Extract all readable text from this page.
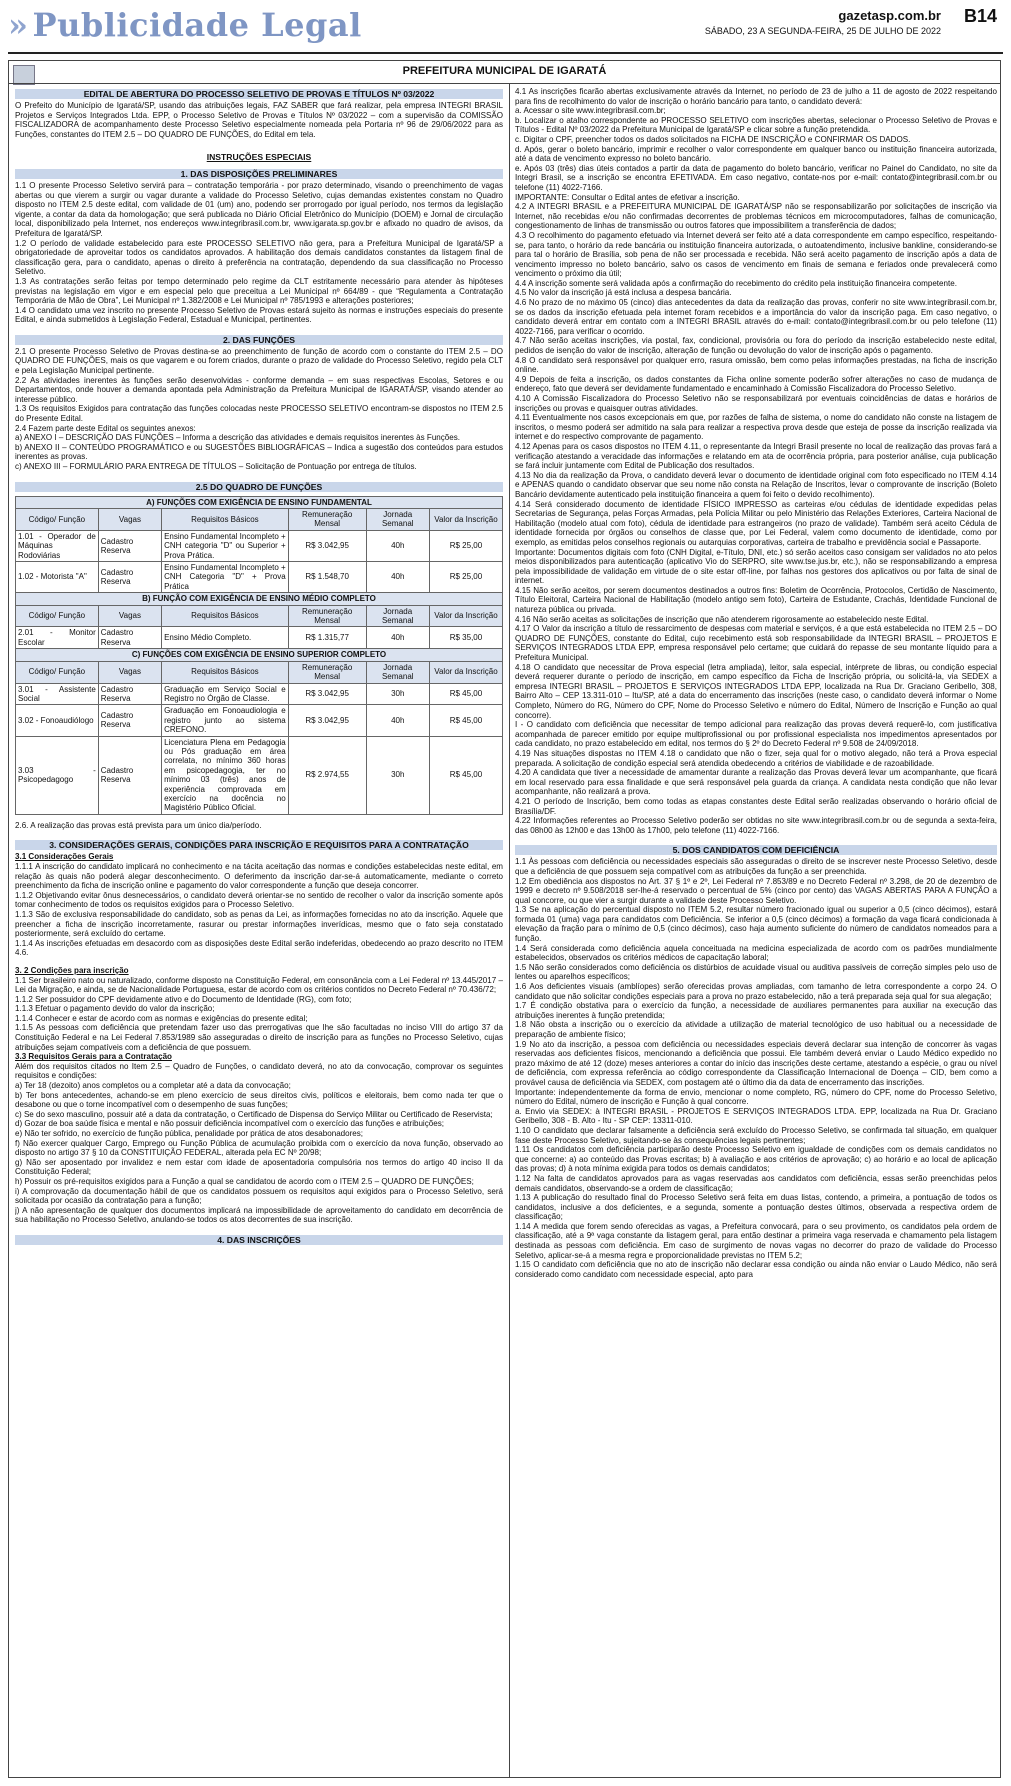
» Publicidade Legal	gazetasp.com.br
SÁBADO, 23 A SEGUNDA-FEIRA, 25 DE JULHO DE 2022
B14
PREFEITURA MUNICIPAL DE IGARATÁ
EDITAL DE ABERTURA DO PROCESSO SELETIVO DE PROVAS E TÍTULOS Nº 03/2022

O Prefeito do Município de Igaratá/SP, usando das atribuições legais, FAZ SABER que fará realizar, pela empresa INTEGRI BRASIL Projetos e Serviços Integrados Ltda. EPP, o Processo Seletivo de Provas e Títulos Nº 03/2022 – com a supervisão da COMISSÃO FISCALIZADORA de acompanhamento deste Processo Seletivo especialmente nomeada pela Portaria nº 96 de 29/06/2022 para as Funções, constantes do ITEM 2.5 – DO QUADRO DE FUNÇÕES, do Edital em tela.

INSTRUÇÕES ESPECIAIS
1. DAS DISPOSIÇÕES PRELIMINARES

1.1 O presente Processo Seletivo servirá para – contratação temporária - por prazo determinado, visando o preenchimento de vagas abertas ou que vierem a surgir ou vagar durante a validade do Processo Seletivo, cujas demandas existentes constam no Quadro disposto no ITEM 2.5 deste edital, com validade de 01 (um) ano, podendo ser prorrogado por igual período, nos termos da legislação vigente, a contar da data da homologação; que será publicada no Diário Oficial Eletrônico do Município (DOEM) e Jornal de circulação local, disponibilizado pela Internet, nos endereços www.integribrasil.com.br, www.igarata.sp.gov.br e afixado no quadro de avisos, da Prefeitura de Igaratá/SP.

1.2 O período de validade estabelecido para este PROCESSO SELETIVO não gera, para a Prefeitura Municipal de Igaratá/SP a obrigatoriedade de aproveitar todos os candidatos aprovados. A habilitação dos demais candidatos constantes da listagem final de classificação gera, para o candidato, apenas o direito à preferência na contratação, dependendo da sua classificação no Processo Seletivo.

1.3 As contratações serão feitas por tempo determinado pelo regime da CLT estritamente necessário para atender às hipóteses previstas na legislação em vigor e em especial pelo que preceitua a Lei Municipal nº 664/89 - que “Regulamenta a Contratação Temporária de Mão de Obra”, Lei Municipal nº 1.382/2008 e Lei Municipal nº 785/1993 e alterações posteriores;

1.4 O candidato uma vez inscrito no presente Processo Seletivo de Provas estará sujeito às normas e instruções especiais do presente Edital, e ainda submetidos à Legislação Federal, Estadual e Municipal, pertinentes.

2. DAS FUNÇÕES

2.1 O presente Processo Seletivo de Provas destina-se ao preenchimento de função de acordo com o constante do ITEM 2.5 – DO QUADRO DE FUNÇÕES, mais os que vagarem e ou forem criados, durante o prazo de validade do Processo Seletivo, regido pela CLT e pela Legislação Municipal pertinente.

2.2 As atividades inerentes às funções serão desenvolvidas - conforme demanda – em suas respectivas Escolas, Setores e ou Departamentos, onde houver a demanda apontada pela Administração da Prefeitura Municipal de IGARATÁ/SP, visando atender ao interesse público.

1.3 Os requisitos Exigidos para contratação das funções colocadas neste PROCESSO SELETIVO encontram-se dispostos no ITEM 2.5 do Presente Edital.

2.4 Fazem parte deste Edital os seguintes anexos:

a) ANEXO I – DESCRIÇÃO DAS FUNÇÕES – Informa a descrição das atividades e demais requisitos inerentes às Funções.

b) ANEXO II – CONTEÚDO PROGRAMÁTICO e ou SUGESTÕES BIBLIOGRÁFICAS – Indica a sugestão dos conteúdos para estudos inerentes as provas.

c) ANEXO III – FORMULÁRIO PARA ENTREGA DE TÍTULOS – Solicitação de Pontuação por entrega de títulos.

2.5 DO QUADRO DE FUNÇÕES
A) FUNÇÕES COM EXIGÊNCIA DE ENSINO FUNDAMENTAL					
Código/ Função	Vagas	Requisitos Básicos	Remuneração Mensal	Jornada Semanal	Valor da Inscrição
1.01 - Operador de Máquinas Rodoviárias	Cadastro Reserva	Ensino Fundamental Incompleto + CNH categoria "D" ou Superior + Prova Prática.	R$ 3.042,95	40h	R$ 25,00
1.02 - Motorista "A"	Cadastro Reserva	Ensino Fundamental Incompleto + CNH Categoria "D" + Prova Prática	R$ 1.548,70	40h	R$ 25,00
B) FUNÇÃO COM EXIGÊNCIA DE ENSINO MÉDIO COMPLETO					
Código/ Função	Vagas	Requisitos Básicos	Remuneração Mensal	Jornada Semanal	Valor da Inscrição
2.01 - Monitor Escolar	Cadastro Reserva	Ensino Médio Completo.	R$ 1.315,77	40h	R$ 35,00
C) FUNÇÕES COM EXIGÊNCIA DE ENSINO SUPERIOR COMPLETO					
Código/ Função	Vagas	Requisitos Básicos	Remuneração Mensal	Jornada Semanal	Valor da Inscrição
3.01 - Assistente Social	Cadastro Reserva	Graduação em Serviço Social e Registro no Órgão de Classe.	R$ 3.042,95	30h	R$ 45,00
3.02 - Fonoaudiólogo	Cadastro Reserva	Graduação em Fonoaudiologia e registro junto ao sistema CREFONO.	R$ 3.042,95	40h	R$ 45,00
3.03 - Psicopedagogo	Cadastro Reserva	Licenciatura Plena em Pedagogia ou Pós graduação em área correlata, no mínimo 360 horas em psicopedagogia, ter no mínimo 03 (três) anos de experiência comprovada em exercício na docência no Magistério Público Oficial.	R$ 2.974,55	30h	R$ 45,00

2.6. A realização das provas está prevista para um único dia/período.

3. CONSIDERAÇÕES GERAIS, CONDIÇÕES PARA INSCRIÇÃO E REQUISITOS PARA A CONTRATAÇÃO

3.1 Considerações Gerais

1.1.1 A inscrição do candidato implicará no conhecimento e na tácita aceitação das normas e condições estabelecidas neste edital, em relação às quais não poderá alegar desconhecimento. O deferimento da inscrição dar-se-á automaticamente, mediante o correto preenchimento da ficha de inscrição online e pagamento do valor correspondente a função que deseja concorrer.

1.1.2 Objetivando evitar ônus desnecessários, o candidato deverá orientar-se no sentido de recolher o valor da inscrição somente após tomar conhecimento de todos os requisitos exigidos para o Processo Seletivo.

1.1.3 São de exclusiva responsabilidade do candidato, sob as penas da Lei, as informações fornecidas no ato da inscrição. Aquele que preencher a ficha de inscrição incorretamente, rasurar ou prestar informações inverídicas, mesmo que o fato seja constatado posteriormente, será excluído do certame.

1.1.4 As inscrições efetuadas em desacordo com as disposições deste Edital serão indeferidas, obedecendo ao prazo descrito no ITEM 4.6.

3. 2 Condições para inscrição

1.1 Ser brasileiro nato ou naturalizado, conforme disposto na Constituição Federal, em consonância com a Lei Federal nº 13.445/2017 – Lei da Migração, e ainda, se de Nacionalidade Portuguesa, estar de acordo com os critérios contidos no Decreto Federal nº 70.436/72;

1.1.2 Ser possuidor do CPF devidamente ativo e do Documento de Identidade (RG), com foto;

1.1.3 Efetuar o pagamento devido do valor da inscrição;

1.1.4 Conhecer e estar de acordo com as normas e exigências do presente edital;

1.1.5 As pessoas com deficiência que pretendam fazer uso das prerrogativas que lhe são facultadas no inciso VIII do artigo 37 da Constituição Federal e na Lei Federal 7.853/1989 são asseguradas o direito de inscrição para as funções no Processo Seletivo, cujas atribuições sejam compatíveis com a deficiência de que possuem.

3.3 Requisitos Gerais para a Contratação

Além dos requisitos citados no Item 2.5 – Quadro de Funções, o candidato deverá, no ato da convocação, comprovar os seguintes requisitos e condições:

a) Ter 18 (dezoito) anos completos ou a completar até a data da convocação;

b) Ter bons antecedentes, achando-se em pleno exercício de seus direitos civis, políticos e eleitorais, bem como nada ter que o desabone ou que o torne incompatível com o desempenho de suas funções;

c) Se do sexo masculino, possuir até a data da contratação, o Certificado de Dispensa do Serviço Militar ou Certificado de Reservista;

d) Gozar de boa saúde física e mental e não possuir deficiência incompatível com o exercício das funções e atribuições;

e) Não ter sofrido, no exercício de função pública, penalidade por prática de atos desabonadores;

f) Não exercer qualquer Cargo, Emprego ou Função Pública de acumulação proibida com o exercício da nova função, observado ao disposto no artigo 37 § 10 da CONSTITUIÇÃO FEDERAL, alterada pela EC Nº 20/98;

g) Não ser aposentado por invalidez e nem estar com idade de aposentadoria compulsória nos termos do artigo 40 inciso II da Constituição Federal;

h) Possuir os pré-requisitos exigidos para a Função a qual se candidatou de acordo com o ITEM 2.5 – QUADRO DE FUNÇÕES;

i) A comprovação da documentação hábil de que os candidatos possuem os requisitos aqui exigidos para o Processo Seletivo, será solicitada por ocasião da contratação para a função;

j) A não apresentação de qualquer dos documentos implicará na impossibilidade de aproveitamento do candidato em decorrência de sua habilitação no Processo Seletivo, anulando-se todos os atos decorrentes de sua inscrição.

4. DAS INSCRIÇÕES

4.1 As inscrições ficarão abertas exclusivamente através da Internet, no período de 23 de julho a 11 de agosto de 2022 respeitando para fins de recolhimento do valor de inscrição o horário bancário para tanto, o candidato deverá:

a. Acessar o site www.integribrasil.com.br;

b. Localizar o atalho correspondente ao PROCESSO SELETIVO com inscrições abertas, selecionar o Processo Seletivo de Provas e Títulos - Edital Nº 03/2022 da Prefeitura Municipal de Igaratá/SP e clicar sobre a função pretendida.

c. Digitar o CPF, preencher todos os dados solicitados na FICHA DE INSCRIÇÃO e CONFIRMAR OS DADOS.

d. Após, gerar o boleto bancário, imprimir e recolher o valor correspondente em qualquer banco ou instituição financeira autorizada, até a data de vencimento expresso no boleto bancário.

e. Após 03 (três) dias úteis contados a partir da data de pagamento do boleto bancário, verificar no Painel do Candidato, no site da Integri Brasil, se a inscrição se encontra EFETIVADA. Em caso negativo, contate-nos por e-mail: contato@integribrasil.com.br ou telefone (11) 4022-7166.

IMPORTANTE: Consultar o Edital antes de efetivar a inscrição.

4.2 A INTEGRI BRASIL e a PREFEITURA MUNICIPAL DE IGARATÁ/SP não se responsabilizarão por solicitações de inscrição via Internet, não recebidas e/ou não confirmadas decorrentes de problemas técnicos em microcomputadores, falhas de comunicação, congestionamento de linhas de transmissão ou outros fatores que impossibilitem a transferência de dados;

4.3 O recolhimento do pagamento efetuado via Internet deverá ser feito até a data correspondente em campo específico, respeitando-se, para tanto, o horário da rede bancária ou instituição financeira autorizada, o autoatendimento, inclusive bankline, considerando-se para tal o horário de Brasília, sob pena de não ser processada e recebida. Não será aceito pagamento de inscrição após a data de vencimento impresso no boleto bancário, salvo os casos de vencimento em finais de semana e feriados onde prevalecerá como vencimento o próximo dia útil;

4.4 A inscrição somente será validada após a confirmação do recebimento do crédito pela instituição financeira competente.

4.5 No valor da inscrição já está inclusa a despesa bancária.

4.6 No prazo de no máximo 05 (cinco) dias antecedentes da data da realização das provas, conferir no site www.integribrasil.com.br, se os dados da inscrição efetuada pela internet foram recebidos e a importância do valor da inscrição paga. Em caso negativo, o candidato deverá entrar em contato com a INTEGRI BRASIL através do e-mail: contato@integribrasil.com.br ou pelo telefone (11) 4022-7166, para verificar o ocorrido.

4.7 Não serão aceitas inscrições, via postal, fax, condicional, provisória ou fora do período da inscrição estabelecido neste edital, pedidos de isenção do valor de inscrição, alteração de função ou devolução do valor de inscrição após o pagamento.

4.8 O candidato será responsável por qualquer erro, rasura omissão, bem como pelas informações prestadas, na ficha de inscrição online.

4.9 Depois de feita a inscrição, os dados constantes da Ficha online somente poderão sofrer alterações no caso de mudança de endereço, fato que deverá ser devidamente fundamentado e encaminhado à Comissão Fiscalizadora do Processo Seletivo.

4.10 A Comissão Fiscalizadora do Processo Seletivo não se responsabilizará por eventuais coincidências de datas e horários de inscrições ou provas e quaisquer outras atividades.

4.11 Eventualmente nos casos excepcionais em que, por razões de falha de sistema, o nome do candidato não conste na listagem de inscritos, o mesmo poderá ser admitido na sala para realizar a respectiva prova desde que esteja de posse da inscrição realizada via internet e do respectivo comprovante de pagamento.

4.12 Apenas para os casos dispostos no ITEM 4.11, o representante da Integri Brasil presente no local de realização das provas fará a verificação atestando a veracidade das informações e relatando em ata de ocorrência própria, para posterior análise, cuja publicação se fará incluir juntamente com Edital de Publicação dos resultados.

4.13 No dia da realização da Prova, o candidato deverá levar o documento de identidade original com foto especificado no ITEM 4.14 e APENAS quando o candidato observar que seu nome não consta na Relação de Inscritos, levar o comprovante de inscrição (Boleto Bancário devidamente autenticado pela instituição financeira a quem foi feito o devido recolhimento).

4.14 Será considerado documento de identidade FÍSICO IMPRESSO as carteiras e/ou cédulas de identidade expedidas pelas Secretarias de Segurança, pelas Forças Armadas, pela Polícia Militar ou pelo Ministério das Relações Exteriores, Carteira Nacional de Habilitação (modelo atual com foto), cédula de identidade para estrangeiros (no prazo de validade). Também será aceito Cédula de identidade fornecida por órgãos ou conselhos de classe que, por Lei Federal, valem como documento de identidade, como por exemplo, as emitidas pelos conselhos regionais ou autarquias corporativas, carteira de trabalho e previdência social e Passaporte.

Importante: Documentos digitais com foto (CNH Digital, e-Título, DNI, etc.) só serão aceitos caso consigam ser validados no ato pelos meios disponibilizados para autenticação (aplicativo Vio do SERPRO, site www.tse.jus.br, etc.), não se responsabilizando a empresa pela impossibilidade de validação em virtude de o site estar off-line, por falhas nos gestores dos aplicativos ou por falta de sinal de internet.

4.15 Não serão aceitos, por serem documentos destinados a outros fins: Boletim de Ocorrência, Protocolos, Certidão de Nascimento, Título Eleitoral, Carteira Nacional de Habilitação (modelo antigo sem foto), Carteira de Estudante, Crachás, Identidade Funcional de natureza pública ou privada.

4.16 Não serão aceitas as solicitações de inscrição que não atenderem rigorosamente ao estabelecido neste Edital.

4.17 O Valor da inscrição a título de ressarcimento de despesas com material e serviços, é a que está estabelecida no ITEM 2.5 – DO QUADRO DE FUNÇÕES, constante do Edital, cujo recebimento está sob responsabilidade da INTEGRI BRASIL – PROJETOS E SERVIÇOS INTEGRADOS LTDA EPP, empresa responsável pelo certame; que cuidará do repasse de seu montante líquido para a Prefeitura Municipal.

4.18 O candidato que necessitar de Prova especial (letra ampliada), leitor, sala especial, intérprete de libras, ou condição especial deverá requerer durante o período de inscrição, em campo específico da Ficha de Inscrição própria, ou solicitá-la, via SEDEX a empresa INTEGRI BRASIL – PROJETOS E SERVIÇOS INTEGRADOS LTDA EPP, localizada na Rua Dr. Graciano Geribello, 308, Bairro Alto – CEP 13.311-010 – Itu/SP, até a data do encerramento das inscrições (neste caso, o candidato deverá informar o Nome Completo, Número do RG, Número do CPF, Nome do Processo Seletivo e número do Edital, Número de Inscrição e Função ao qual concorre).

I - O candidato com deficiência que necessitar de tempo adicional para realização das provas deverá requerê-lo, com justificativa acompanhada de parecer emitido por equipe multiprofissional ou por profissional especialista nos impedimentos apresentados por cada candidato, no prazo estabelecido em edital, nos termos do § 2º do Decreto Federal nº 9.508 de 24/09/2018.

4.19 Nas situações dispostas no ITEM 4.18 o candidato que não o fizer, seja qual for o motivo alegado, não terá a Prova especial preparada. A solicitação de condição especial será atendida obedecendo a critérios de viabilidade e de razoabilidade.

4.20 A candidata que tiver a necessidade de amamentar durante a realização das Provas deverá levar um acompanhante, que ficará em local reservado para essa finalidade e que será responsável pela guarda da criança. A candidata nesta condição que não levar acompanhante, não realizará a prova.

4.21 O período de Inscrição, bem como todas as etapas constantes deste Edital serão realizadas observando o horário oficial de Brasília/DF.

4.22 Informações referentes ao Processo Seletivo poderão ser obtidas no site www.integribrasil.com.br ou de segunda a sexta-feira, das 08h00 às 12h00 e das 13h00 às 17h00, pelo telefone (11) 4022-7166.

5. DOS CANDIDATOS COM DEFICIÊNCIA

1.1 Às pessoas com deficiência ou necessidades especiais são asseguradas o direito de se inscrever neste Processo Seletivo, desde que a deficiência de que possuem seja compatível com as atribuições da função a ser preenchida.

1.2 Em obediência aos dispostos no Art. 37 § 1º e 2º, Lei Federal nº 7.853/89 e no Decreto Federal nº 3.298, de 20 de dezembro de 1999 e decreto nº 9.508/2018 ser-lhe-á reservado o percentual de 5% (cinco por cento) das VAGAS ABERTAS PARA A FUNÇÃO a qual concorre, ou que vier a surgir durante a validade deste Processo Seletivo.

1.3 Se na aplicação do percentual disposto no ITEM 5.2, resultar número fracionado igual ou superior a 0,5 (cinco décimos), estará formada 01 (uma) vaga para candidatos com Deficiência. Se inferior a 0,5 (cinco décimos) a formação da vaga ficará condicionada à elevação da fração para o mínimo de 0,5 (cinco décimos), caso haja aumento suficiente do número de candidatos nomeados para a função.

1.4 Será considerada como deficiência aquela conceituada na medicina especializada de acordo com os padrões mundialmente estabelecidos, observados os critérios médicos de capacitação laboral;

1.5 Não serão considerados como deficiência os distúrbios de acuidade visual ou auditiva passíveis de correção simples pelo uso de lentes ou aparelhos específicos;

1.6 Aos deficientes visuais (amblíopes) serão oferecidas provas ampliadas, com tamanho de letra correspondente a corpo 24. O candidato que não solicitar condições especiais para a prova no prazo estabelecido, não a terá preparada seja qual for sua alegação;

1.7 É condição obstativa para o exercício da função, a necessidade de auxiliares permanentes para auxiliar na execução das atribuições inerentes à função pretendida;

1.8 Não obsta a inscrição ou o exercício da atividade a utilização de material tecnológico de uso habitual ou a necessidade de preparação de ambiente físico;

1.9 No ato da inscrição, a pessoa com deficiência ou necessidades especiais deverá declarar sua intenção de concorrer às vagas reservadas aos deficientes físicos, mencionando a deficiência que possui. Ele também deverá enviar o Laudo Médico expedido no prazo máximo de até 12 (doze) meses anteriores a contar do início das inscrições deste certame, atestando a espécie, o grau ou nível de deficiência, com expressa referência ao código correspondente da Classificação Internacional de Doença – CID, bem como a provável causa de deficiência via SEDEX, com postagem até o último dia da data de encerramento das inscrições.

Importante: independentemente da forma de envio, mencionar o nome completo, RG, número do CPF, nome do Processo Seletivo, número do Edital, número de inscrição e Função à qual concorre.

a. Envio via SEDEX: à INTEGRI BRASIL - PROJETOS E SERVIÇOS INTEGRADOS LTDA. EPP, localizada na Rua Dr. Graciano Geribello, 308 - B. Alto - Itu - SP CEP: 13311-010.

1.10 O candidato que declarar falsamente a deficiência será excluído do Processo Seletivo, se confirmada tal situação, em qualquer fase deste Processo Seletivo, sujeitando-se às consequências legais pertinentes;

1.11 Os candidatos com deficiência participarão deste Processo Seletivo em igualdade de condições com os demais candidatos no que concerne: a) ao conteúdo das Provas escritas; b) à avaliação e aos critérios de aprovação; c) ao horário e ao local de aplicação das provas; d) à nota mínima exigida para todos os demais candidatos;

1.12 Na falta de candidatos aprovados para as vagas reservadas aos candidatos com deficiência, essas serão preenchidas pelos demais candidatos, observando-se a ordem de classificação;

1.13 A publicação do resultado final do Processo Seletivo será feita em duas listas, contendo, a primeira, a pontuação de todos os candidatos, inclusive a dos deficientes, e a segunda, somente a pontuação destes últimos, observada a respectiva ordem de classificação;

1.14 A medida que forem sendo oferecidas as vagas, a Prefeitura convocará, para o seu provimento, os candidatos pela ordem de classificação, até a 9ª vaga constante da listagem geral, para então destinar a primeira vaga reservada e chamamento pela listagem destinada as pessoas com deficiência. Em caso de surgimento de novas vagas no decorrer do prazo de validade do Processo Seletivo, aplicar-se-á a mesma regra e proporcionalidade previstas no ITEM 5.2;

1.15 O candidato com deficiência que no ato de inscrição não declarar essa condição ou ainda não enviar o Laudo Médico, não será considerado como candidato com necessidade especial, apto para
